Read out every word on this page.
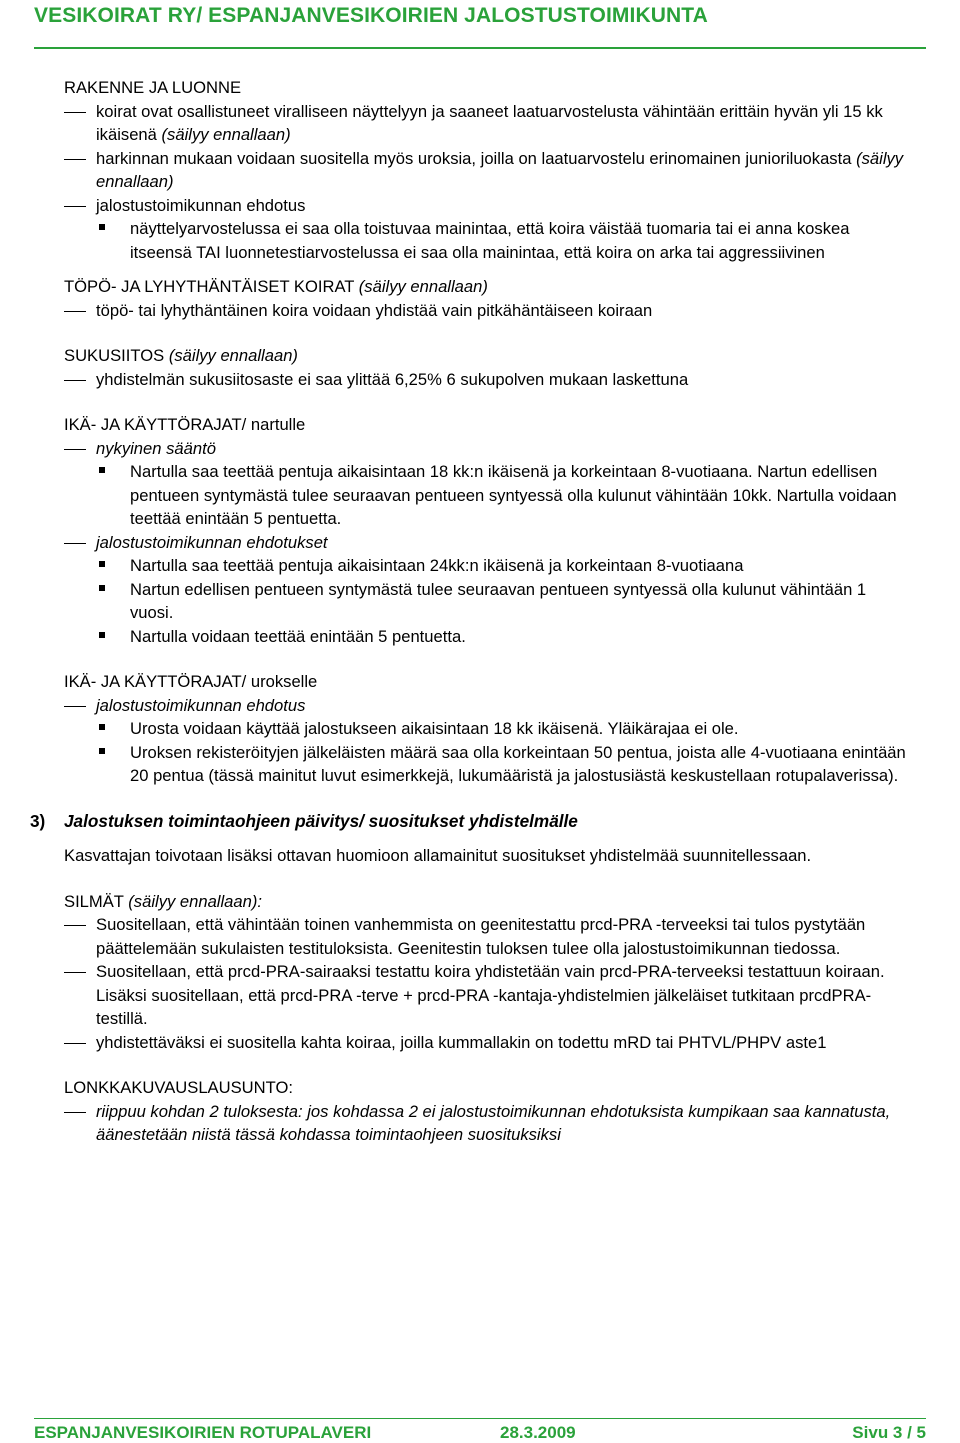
VESIKOIRAT RY/ ESPANJANVESIKOIRIEN JALOSTUSTOIMIKUNTA
RAKENNE JA LUONNE
koirat ovat osallistuneet viralliseen näyttelyyn ja saaneet laatuarvostelusta vähintään erittäin hyvän yli 15 kk ikäisenä (säilyy ennallaan)
harkinnan mukaan voidaan suositella myös uroksia, joilla on laatuarvostelu erinomainen junioriluokasta (säilyy ennallaan)
jalostustoimikunnan ehdotus
näyttelyarvostelussa ei saa olla toistuvaa mainintaa, että koira väistää tuomaria tai ei anna koskea itseensä TAI luonnetestiarvostelussa ei saa olla mainintaa, että koira on arka tai aggressiivinen
TÖPÖ- JA LYHYTHÄNTÄISET KOIRAT (säilyy ennallaan)
töpö- tai lyhythäntäinen koira voidaan yhdistää vain pitkähäntäiseen koiraan
SUKUSIITOS (säilyy ennallaan)
yhdistelmän sukusiitosaste ei saa ylittää 6,25% 6 sukupolven mukaan laskettuna
IKÄ- JA KÄYTTÖRAJAT/ nartulle
nykyinen sääntö
Nartulla saa teettää pentuja aikaisintaan 18 kk:n ikäisenä ja korkeintaan 8-vuotiaana. Nartun edellisen pentueen syntymästä tulee seuraavan pentueen syntyessä olla kulunut vähintään 10kk. Nartulla voidaan teettää enintään 5 pentuetta.
jalostustoimikunnan ehdotukset
Nartulla saa teettää pentuja aikaisintaan 24kk:n ikäisenä ja korkeintaan 8-vuotiaana
Nartun edellisen pentueen syntymästä tulee seuraavan pentueen syntyessä olla kulunut vähintään 1 vuosi.
Nartulla voidaan teettää enintään 5 pentuetta.
IKÄ- JA KÄYTTÖRAJAT/ urokselle
jalostustoimikunnan ehdotus
Urosta voidaan käyttää jalostukseen aikaisintaan 18 kk ikäisenä. Yläikärajaa ei ole.
Uroksen rekisteröityjen jälkeläisten määrä saa olla korkeintaan 50 pentua, joista alle 4-vuotiaana enintään 20 pentua (tässä mainitut luvut esimerkkejä, lukumääristä ja jalostusiästä keskustellaan rotupalaverissa).
3) Jalostuksen toimintaohjeen päivitys/ suositukset yhdistelmälle
Kasvattajan toivotaan lisäksi ottavan huomioon allamainitut suositukset yhdistelmää suunnitellessaan.
SILMÄT (säilyy ennallaan):
Suositellaan, että vähintään toinen vanhemmista on geenitestattu prcd-PRA -terveeksi tai tulos pystytään päättelemään sukulaisten testituloksista. Geenitestin tuloksen tulee olla jalostustoimikunnan tiedossa.
Suositellaan, että prcd-PRA-sairaaksi testattu koira yhdistetään vain prcd-PRA-terveeksi testattuun koiraan. Lisäksi suositellaan, että prcd-PRA -terve + prcd-PRA -kantaja-yhdistelmien jälkeläiset tutkitaan prcdPRA-testillä.
yhdistettäväksi ei suositella kahta koiraa, joilla kummallakin on todettu mRD tai PHTVL/PHPV aste1
LONKKAKUVAUSLAUSUNTO:
riippuu kohdan 2 tuloksesta: jos kohdassa 2 ei jalostustoimikunnan ehdotuksista kumpikaan saa kannatusta, äänestetään niistä tässä kohdassa toimintaohjeen suosituksiksi
ESPANJANVESIKOIRIEN ROTUPALAVERI	28.3.2009	Sivu 3 / 5
